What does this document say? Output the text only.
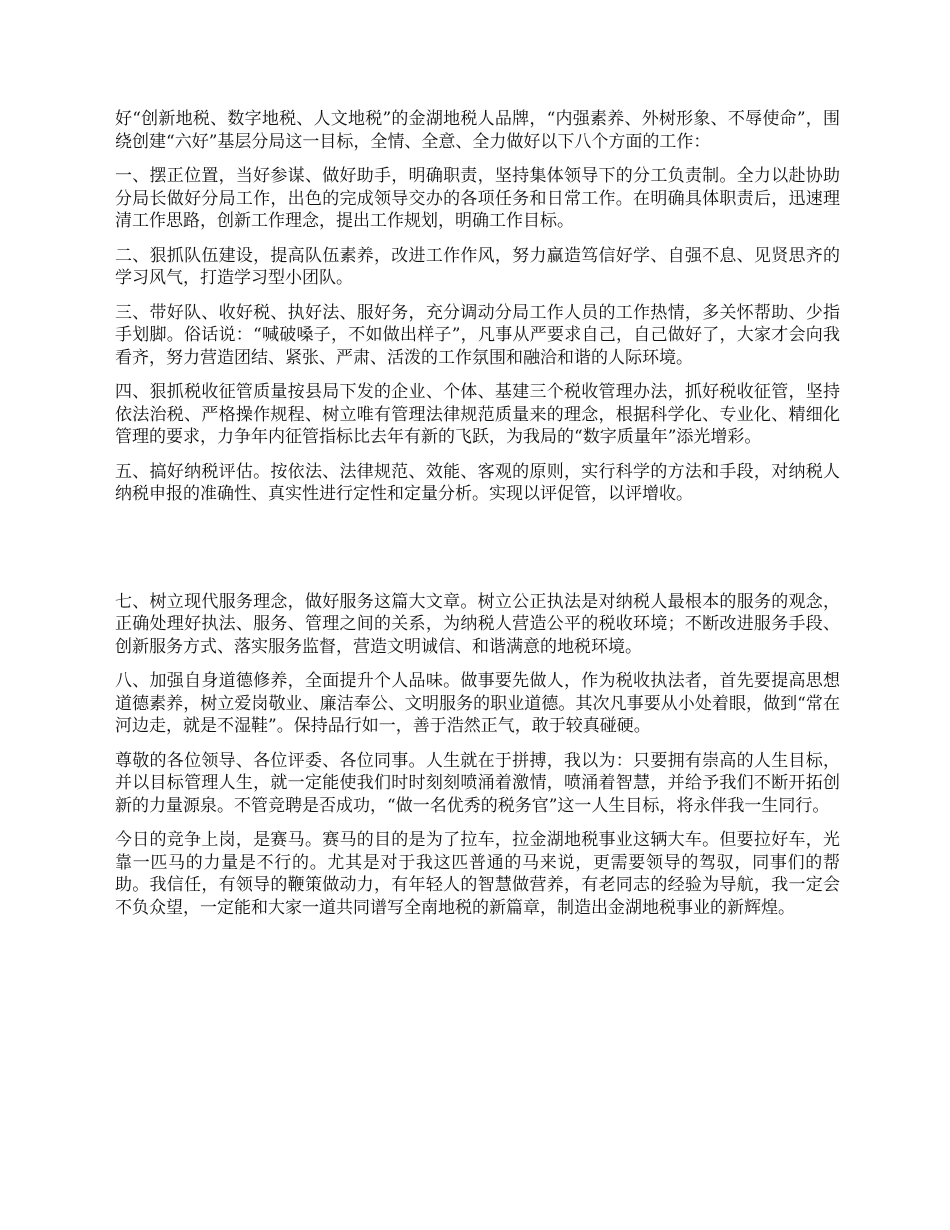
好“创新地税、数字地税、人文地税”的金湖地税人品牌，“内强素养、外树形象、不辱使命”，围绕创建“六好”基层分局这一目标，全情、全意、全力做好以下八个方面的工作：

一、摆正位置，当好参谋、做好助手，明确职责，坚持集体领导下的分工负责制。全力以赴协助分局长做好分局工作，出色的完成领导交办的各项任务和日常工作。在明确具体职责后，迅速理清工作思路，创新工作理念，提出工作规划，明确工作目标。

二、狠抓队伍建设，提高队伍素养，改进工作作风，努力赢造笃信好学、自强不息、见贤思齐的学习风气，打造学习型小团队。

三、带好队、收好税、执好法、服好务，充分调动分局工作人员的工作热情，多关怀帮助、少指手划脚。俗话说：“喊破嗓子，不如做出样子”，凡事从严要求自己，自己做好了，大家才会向我看齐，努力营造团结、紧张、严肃、活泼的工作氛围和融洽和谐的人际环境。

四、狠抓税收征管质量按县局下发的企业、个体、基建三个税收管理办法，抓好税收征管，坚持依法治税、严格操作规程、树立唯有管理法律规范质量来的理念，根据科学化、专业化、精细化管理的要求，力争年内征管指标比去年有新的飞跃，为我局的“数字质量年”添光增彩。

五、搞好纳税评估。按依法、法律规范、效能、客观的原则，实行科学的方法和手段，对纳税人纳税申报的准确性、真实性进行定性和定量分析。实现以评促管，以评增收。

七、树立现代服务理念，做好服务这篇大文章。树立公正执法是对纳税人最根本的服务的观念，正确处理好执法、服务、管理之间的关系，为纳税人营造公平的税收环境；不断改进服务手段、创新服务方式、落实服务监督，营造文明诚信、和谐满意的地税环境。

八、加强自身道德修养，全面提升个人品味。做事要先做人，作为税收执法者，首先要提高思想道德素养，树立爱岗敬业、廉洁奉公、文明服务的职业道德。其次凡事要从小处着眼，做到“常在河边走，就是不湿鞋”。保持品行如一，善于浩然正气，敢于较真碰硬。

尊敬的各位领导、各位评委、各位同事。人生就在于拼搏，我以为：只要拥有崇高的人生目标，并以目标管理人生，就一定能使我们时时刻刻喷涌着激情，喷涌着智慧，并给予我们不断开拓创新的力量源泉。不管竞聘是否成功，“做一名优秀的税务官”这一人生目标，将永伴我一生同行。

今日的竞争上岗，是赛马。赛马的目的是为了拉车，拉金湖地税事业这辆大车。但要拉好车，光靠一匹马的力量是不行的。尤其是对于我这匹普通的马来说，更需要领导的驾驭，同事们的帮助。我信任，有领导的鞭策做动力，有年轻人的智慧做营养，有老同志的经验为导航，我一定会不负众望，一定能和大家一道共同谱写全南地税的新篇章，制造出金湖地税事业的新辉煌。
